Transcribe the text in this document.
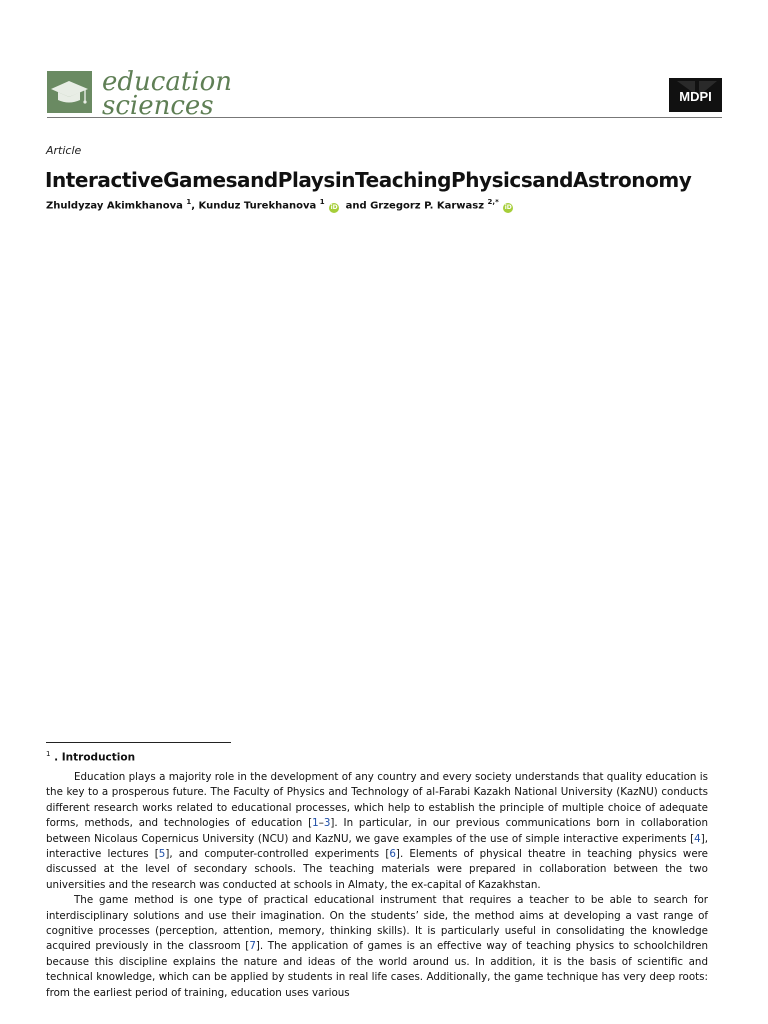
education
sciences	MDPI
Article
InteractiveGamesandPlaysinTeachingPhysicsandAstronomy
Zhuldyzay Akimkhanova $^1$, Kunduz Turekhanova $^1$ iD and Grzegorz P. Karwasz $^{2,*}$ iD
$^1$ . Introduction

Education plays a majority role in the development of any country and every society understands that quality education is the key to a prosperous future. The Faculty of Physics and Technology of al-Farabi Kazakh National University (KazNU) conducts different research works related to educational processes, which help to establish the principle of multiple choice of adequate forms, methods, and technologies of education [1–3]. In particular, in our previous communications born in collaboration between Nicolaus Copernicus University (NCU) and KazNU, we gave examples of the use of simple interactive experiments [4], interactive lectures [5], and computer-controlled experiments [6]. Elements of physical theatre in teaching physics were discussed at the level of secondary schools. The teaching materials were prepared in collaboration between the two universities and the research was conducted at schools in Almaty, the ex-capital of Kazakhstan.

The game method is one type of practical educational instrument that requires a teacher to be able to search for interdisciplinary solutions and use their imagination. On the students’ side, the method aims at developing a vast range of cognitive processes (perception, attention, memory, thinking skills). It is particularly useful in consolidating the knowledge acquired previously in the classroom [7]. The application of games is an effective way of teaching physics to schoolchildren because this discipline explains the nature and ideas of the world around us. In addition, it is the basis of scientific and technical knowledge, which can be applied by students in real life cases. Additionally, the game technique has very deep roots: from the earliest period of training, education uses various
